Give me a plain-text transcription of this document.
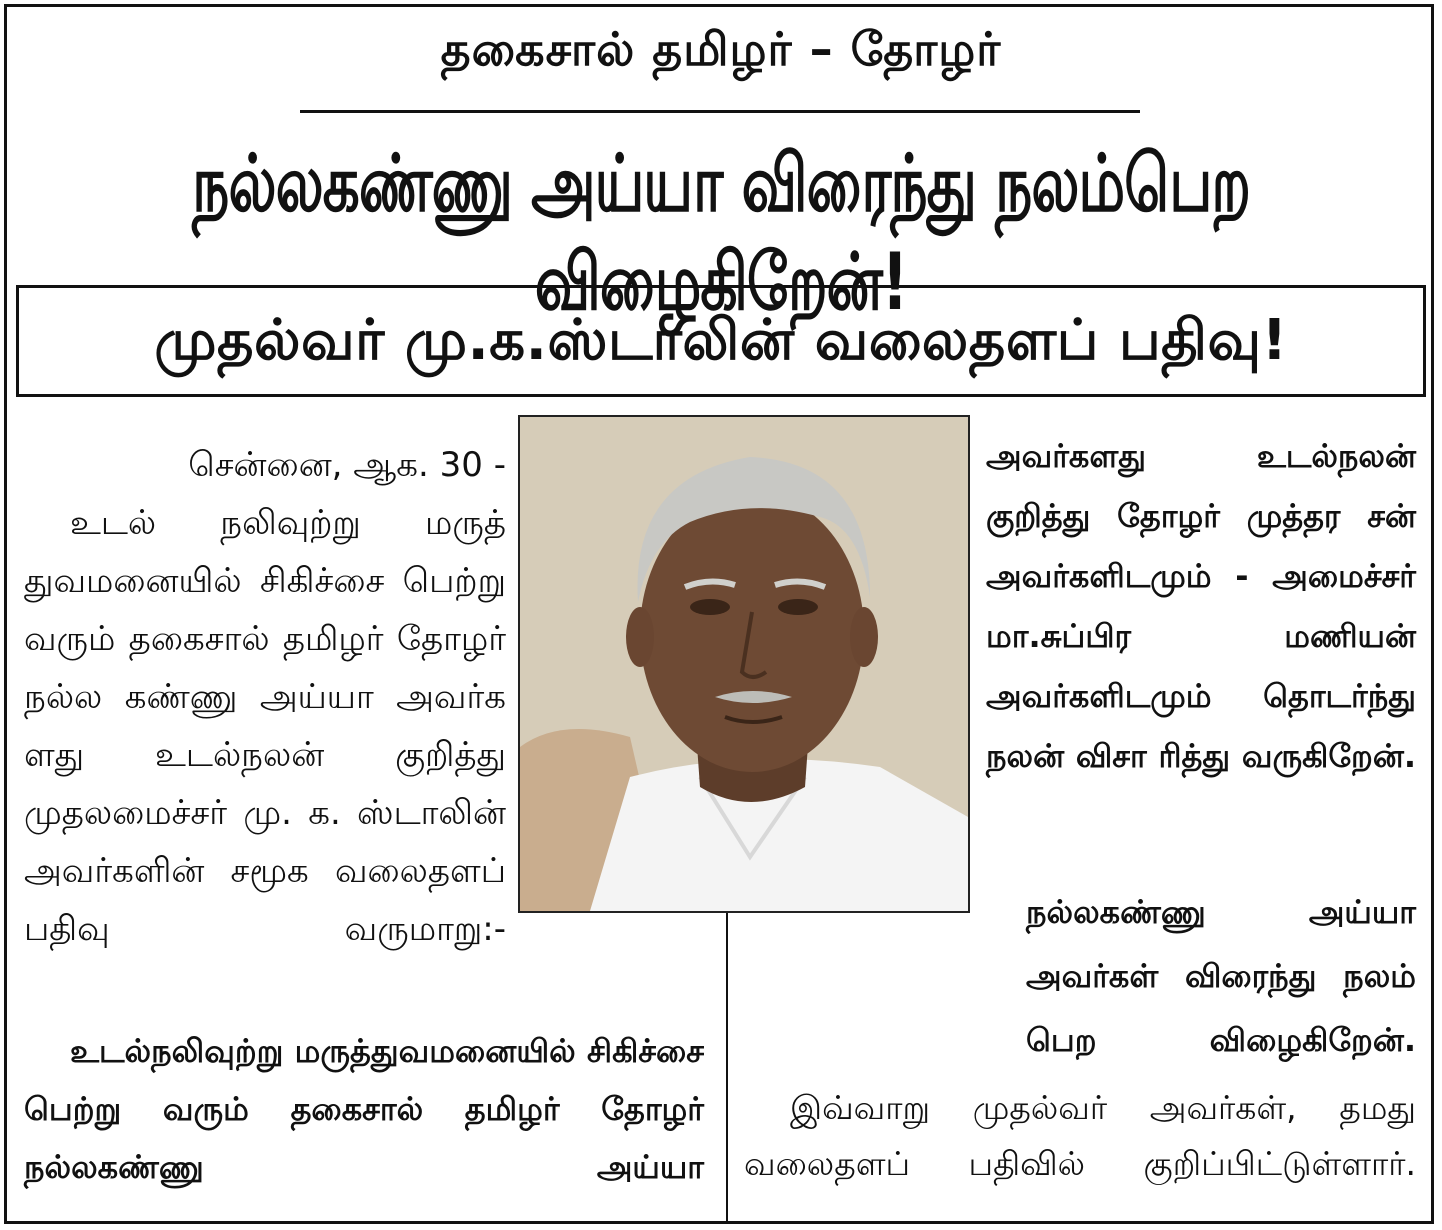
தகைசால் தமிழர் – தோழர்
நல்லகண்ணு அய்யா விரைந்து நலம்பெற விழைகிறேன்!
முதல்வர் மு.க.ஸ்டாலின் வலைதளப் பதிவு!

சென்னை, ஆக. 30 -

உடல் நலிவுற்று மருத் துவமனையில் சிகிச்சை பெற்று வரும் தகைசால் தமிழர் தோழர் நல்ல கண்ணு அய்யா அவர்க ளது உடல்நலன் குறித்து முதலமைச்சர் மு. க. ஸ்டாலின் அவர்களின் சமூக வலைதளப் பதிவு வருமாறு:-

உடல்நலிவுற்று மருத்துவமனையில் சிகிச்சை பெற்று வரும் தகைசால் தமிழர் தோழர் நல்லகண்ணு அய்யா

அவர்களது உடல்நலன் குறித்து தோழர் முத்தர சன் அவர்களிடமும் - அமைச்சர் மா.சுப்பிர மணியன் அவர்களிடமும் தொடர்ந்து நலன் விசா ரித்து வருகிறேன்.

நல்லகண்ணு அய்யா அவர்கள் விரைந்து நலம் பெற விழைகிறேன்.

இவ்வாறு முதல்வர் அவர்கள், தமது வலைதளப் பதிவில் குறிப்பிட்டுள்ளார்.
